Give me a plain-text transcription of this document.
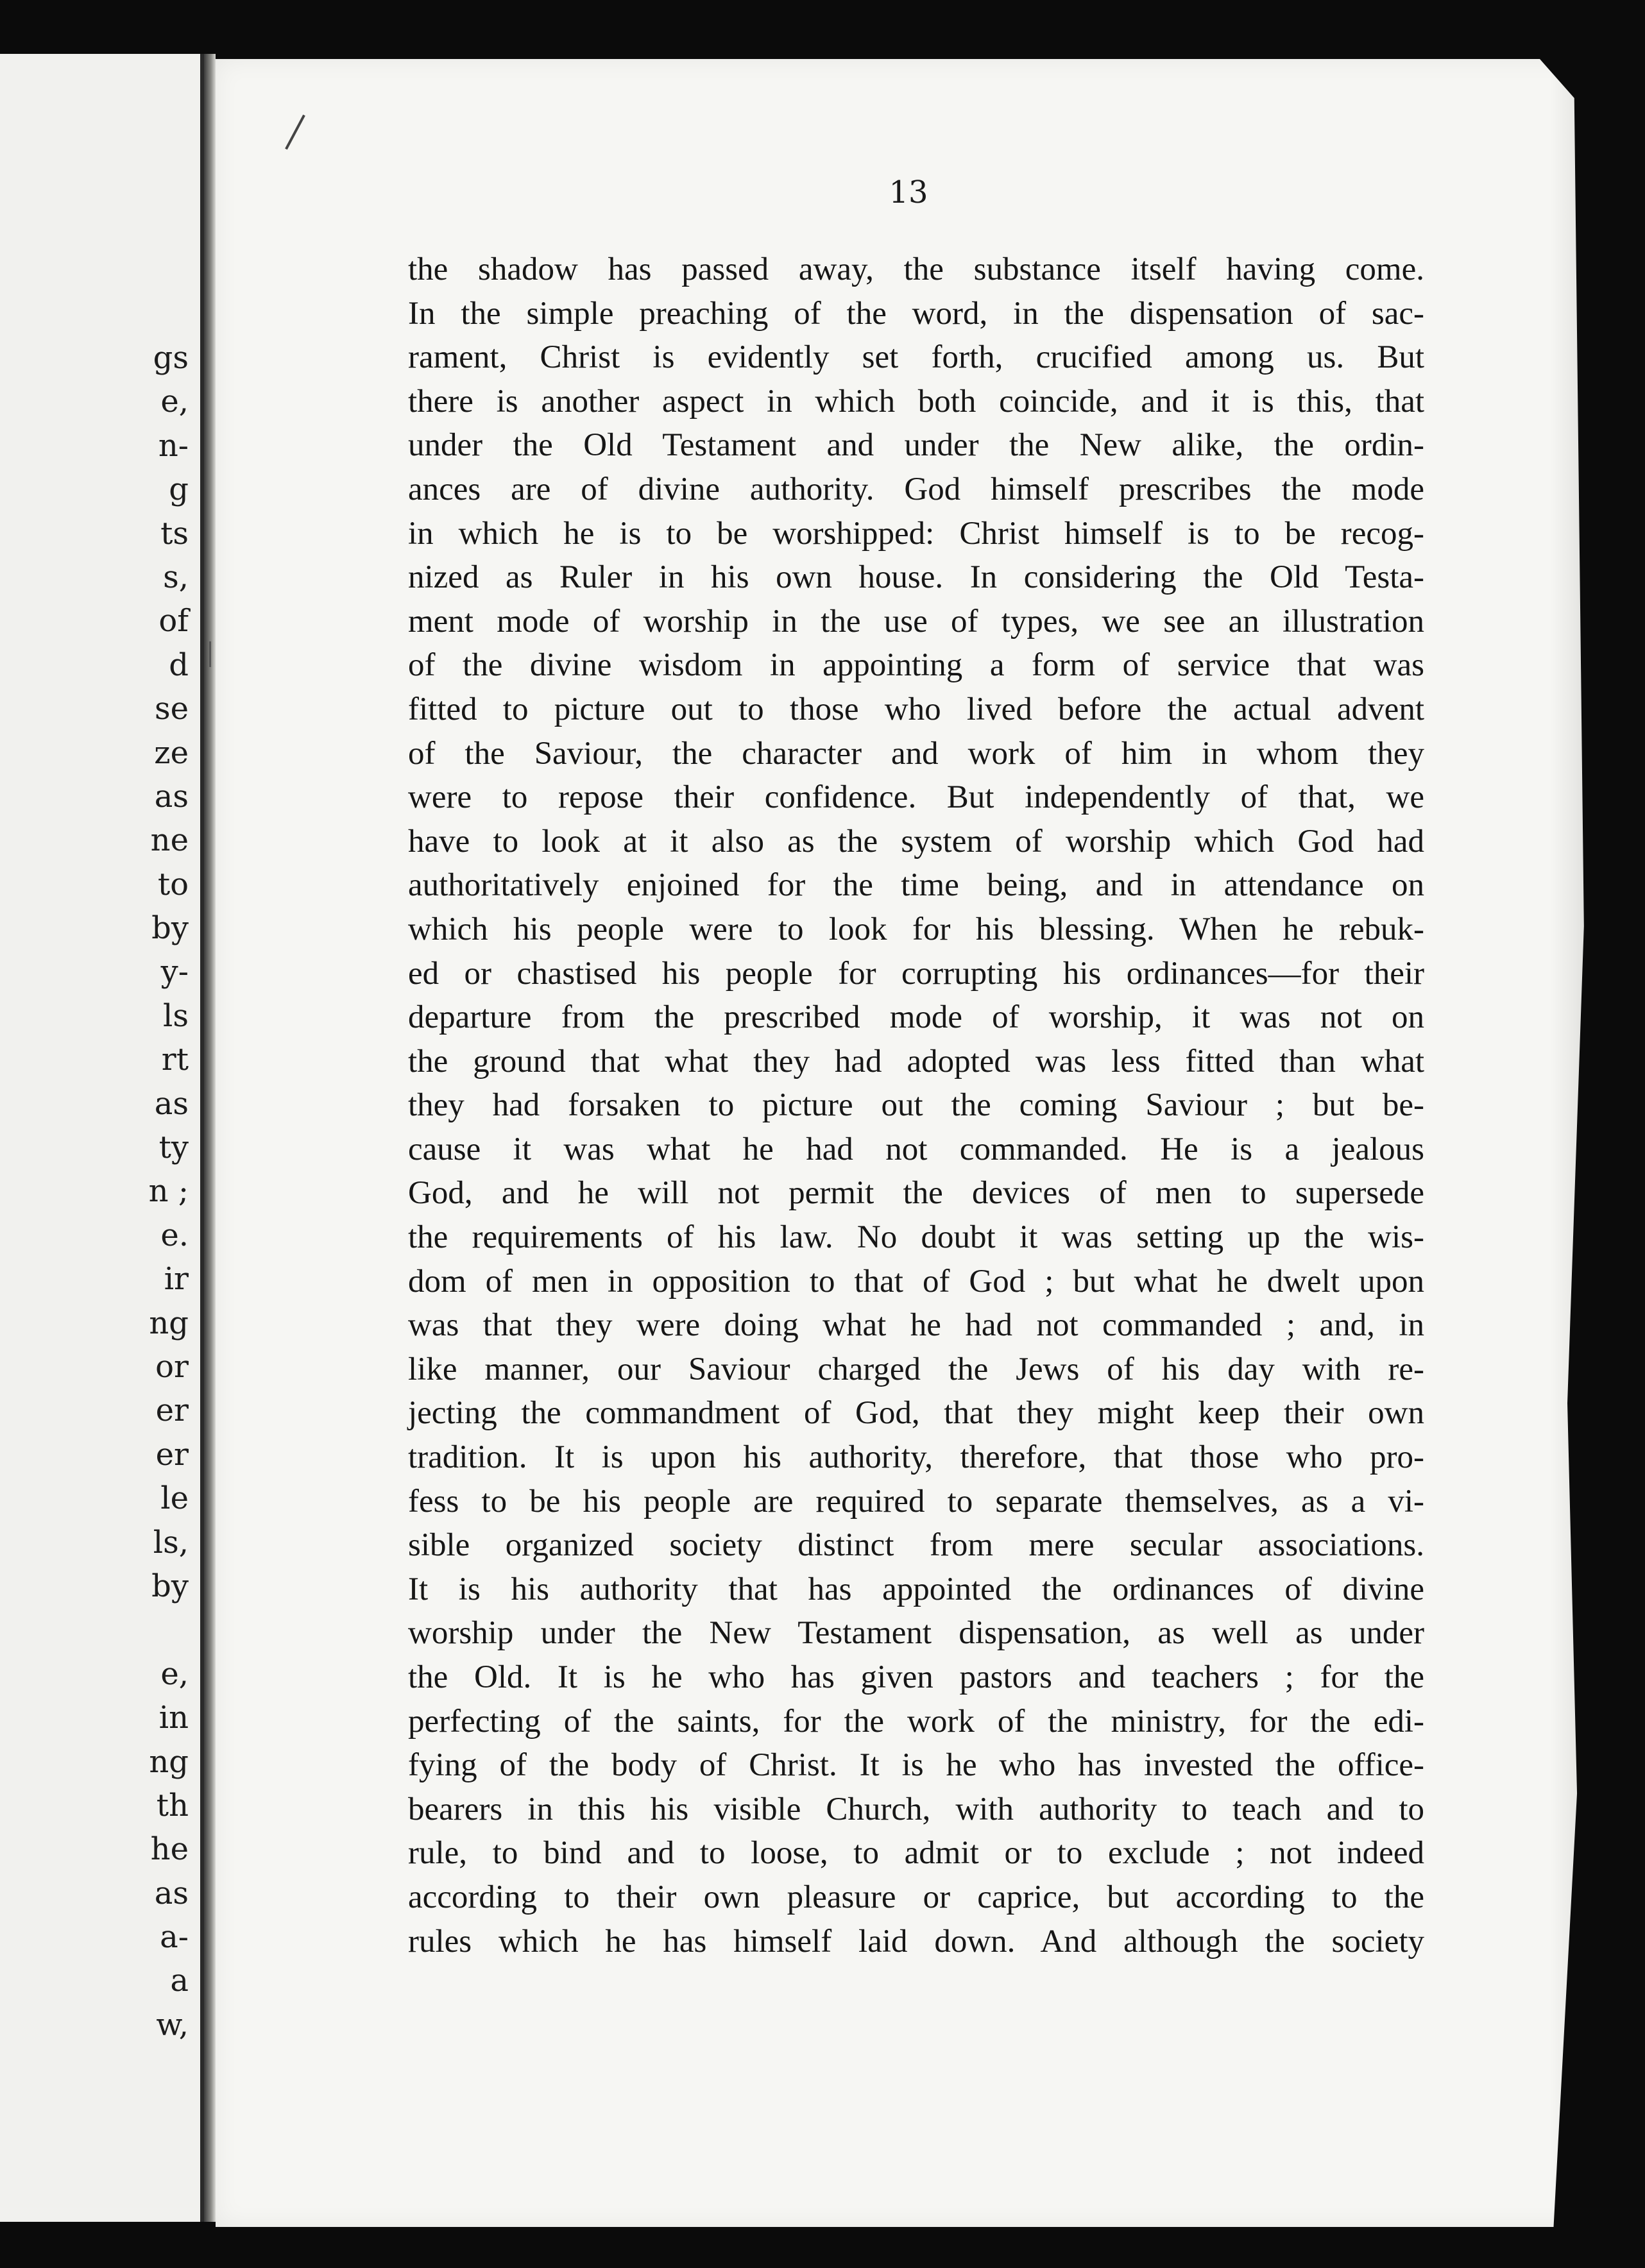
gs
e,
n-
g
ts
s,
of
d
se
ze
as
ne
to
by
y-
ls
rt
as
ty
n ;
e.
ir
ng
or
er
er
le
ls,
by
e,
in
ng
th
he
as
a-
a
w,
13
the shadow has passed away, the substance itself having come.
In the simple preaching of the word, in the dispensation of sac-
rament, Christ is evidently set forth, crucified among us. But
there is another aspect in which both coincide, and it is this, that
under the Old Testament and under the New alike, the ordin-
ances are of divine authority. God himself prescribes the mode
in which he is to be worshipped: Christ himself is to be recog-
nized as Ruler in his own house. In considering the Old Testa-
ment mode of worship in the use of types, we see an illustration
of the divine wisdom in appointing a form of service that was
fitted to picture out to those who lived before the actual advent
of the Saviour, the character and work of him in whom they
were to repose their confidence. But independently of that, we
have to look at it also as the system of worship which God had
authoritatively enjoined for the time being, and in attendance on
which his people were to look for his blessing. When he rebuk-
ed or chastised his people for corrupting his ordinances—for their
departure from the prescribed mode of worship, it was not on
the ground that what they had adopted was less fitted than what
they had forsaken to picture out the coming Saviour ; but be-
cause it was what he had not commanded. He is a jealous
God, and he will not permit the devices of men to supersede
the requirements of his law. No doubt it was setting up the wis-
dom of men in opposition to that of God ; but what he dwelt upon
was that they were doing what he had not commanded ; and, in
like manner, our Saviour charged the Jews of his day with re-
jecting the commandment of God, that they might keep their own
tradition. It is upon his authority, therefore, that those who pro-
fess to be his people are required to separate themselves, as a vi-
sible organized society distinct from mere secular associations.
It is his authority that has appointed the ordinances of divine
worship under the New Testament dispensation, as well as under
the Old. It is he who has given pastors and teachers ; for the
perfecting of the saints, for the work of the ministry, for the edi-
fying of the body of Christ. It is he who has invested the office-
bearers in this his visible Church, with authority to teach and to
rule, to bind and to loose, to admit or to exclude ; not indeed
according to their own pleasure or caprice, but according to the
rules which he has himself laid down. And although the society
